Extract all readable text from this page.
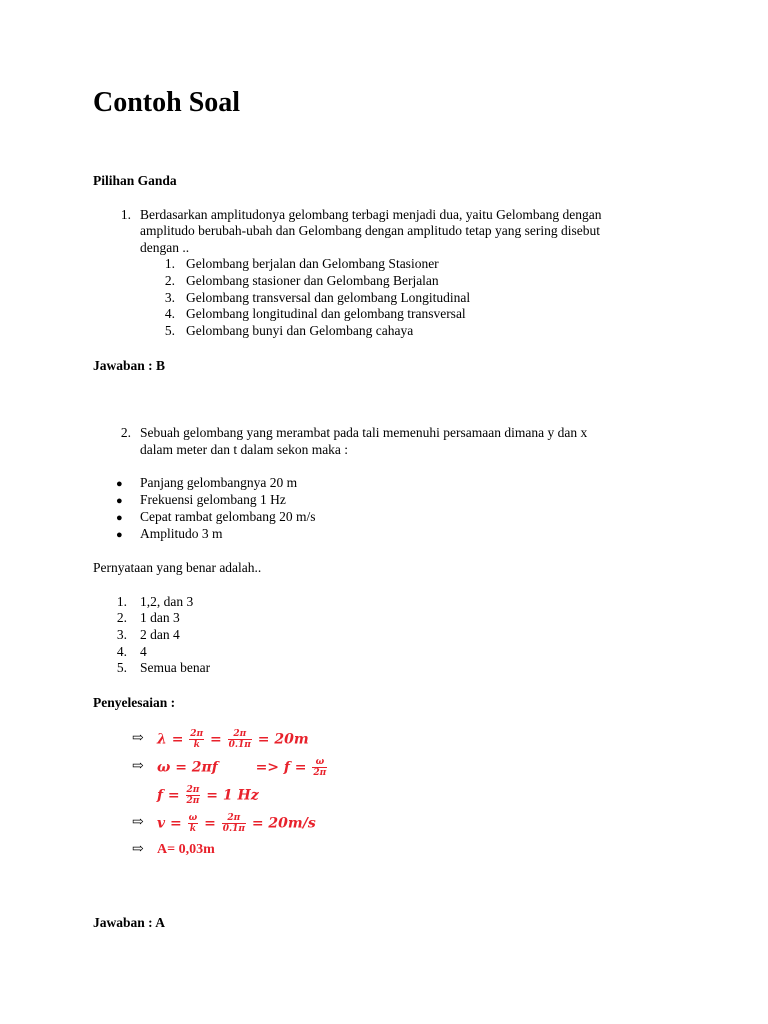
Contoh Soal
Pilihan Ganda
1. Berdasarkan amplitudonya gelombang terbagi menjadi dua, yaitu Gelombang dengan
amplitudo berubah-ubah dan Gelombang dengan amplitudo tetap yang sering disebut
dengan ..
1. Gelombang berjalan dan Gelombang Stasioner
2. Gelombang stasioner dan Gelombang Berjalan
3. Gelombang transversal dan gelombang Longitudinal
4. Gelombang longitudinal dan gelombang transversal
5. Gelombang bunyi dan Gelombang cahaya
Jawaban : B
2. Sebuah gelombang yang merambat pada tali memenuhi persamaan dimana y dan x
dalam meter dan t dalam sekon maka :
● Panjang gelombangnya 20 m
● Frekuensi gelombang 1 Hz
● Cepat rambat gelombang 20 m/s
● Amplitudo 3 m
Pernyataan yang benar adalah..
1. 1,2, dan 3
2. 1 dan 3
3. 2 dan 4
4. 4
5. Semua benar
Penyelesaian :
⇨ $\lambda = \frac{2\pi}{k} = \frac{2\pi}{0.1\pi} = 20m$
⇨ ω = 2πf	=> $f = \frac{\omega}{2\pi}$
$f = \frac{2\pi}{2\pi} = 1$ Hz
⇨ $v = \frac{\omega}{k} = \frac{2\pi}{0.1\pi} = 20m/s$
⇨ A= 0,03m
Jawaban : A
